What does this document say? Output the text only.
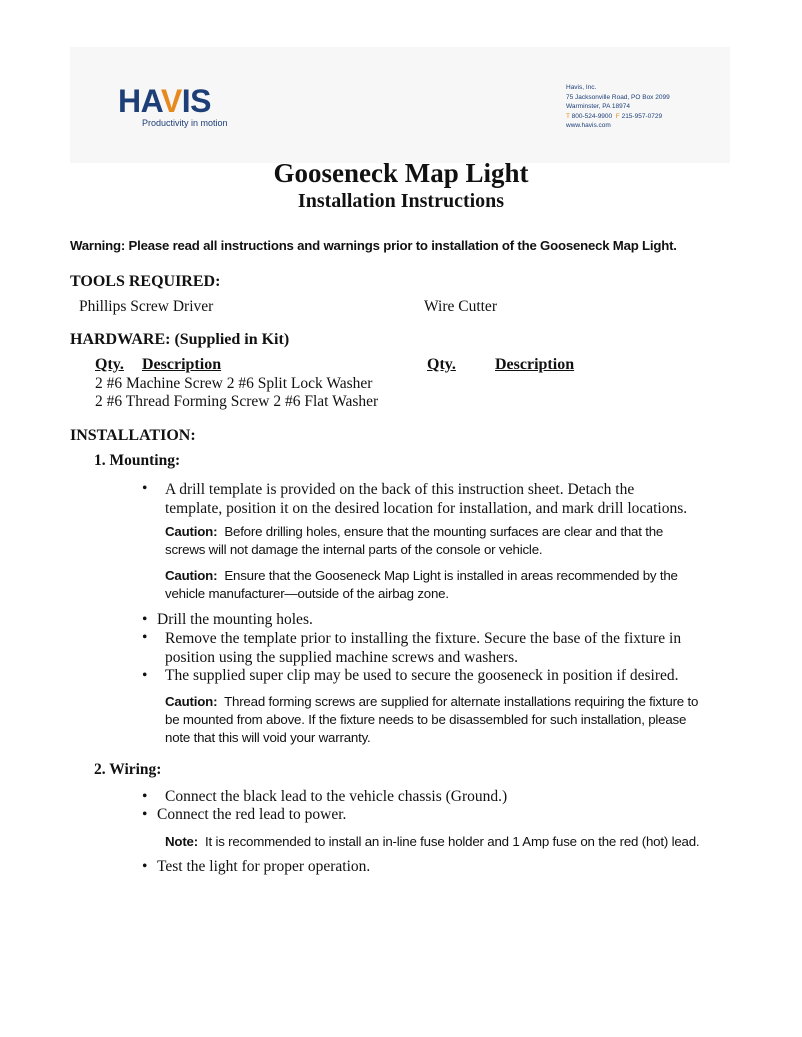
HAVIS
Productivity in motion
Havis, Inc.
75 Jacksonville Road, PO Box 2099
Warminster, PA 18974
T 800-524-9900 F 215-957-0729
www.havis.com
Gooseneck Map Light
Installation Instructions
Warning: Please read all instructions and warnings prior to installation of the Gooseneck Map Light.
TOOLS REQUIRED:
Phillips Screw Driver	Wire Cutter
HARDWARE: (Supplied in Kit)
Qty. Description	Qty. Description
2 #6 Machine Screw 2 #6 Split Lock Washer
2 #6 Thread Forming Screw 2 #6 Flat Washer
INSTALLATION:
1. Mounting:
• A drill template is provided on the back of this instruction sheet. Detach the
template, position it on the desired location for installation, and mark drill locations.
Caution: Before drilling holes, ensure that the mounting surfaces are clear and that the
screws will not damage the internal parts of the console or vehicle.
Caution: Ensure that the Gooseneck Map Light is installed in areas recommended by the
vehicle manufacturer—outside of the airbag zone.
• Drill the mounting holes.
• Remove the template prior to installing the fixture. Secure the base of the fixture in
position using the supplied machine screws and washers.
• The supplied super clip may be used to secure the gooseneck in position if desired.
Caution: Thread forming screws are supplied for alternate installations requiring the fixture to
be mounted from above. If the fixture needs to be disassembled for such installation, please
note that this will void your warranty.
2. Wiring:
• Connect the black lead to the vehicle chassis (Ground.)
• Connect the red lead to power.
Note: It is recommended to install an in-line fuse holder and 1 Amp fuse on the red (hot) lead.
• Test the light for proper operation.
